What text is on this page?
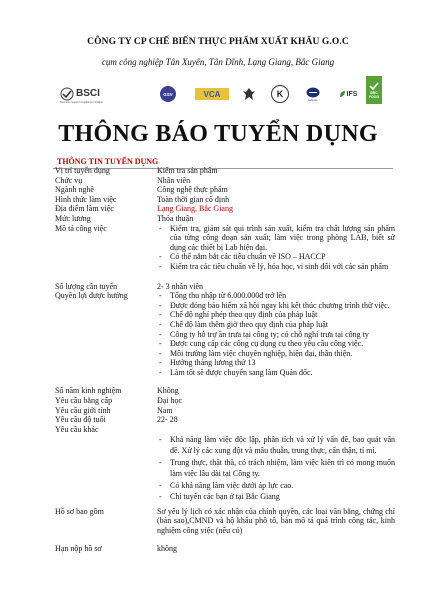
CÔNG TY CP CHẾ BIẾN THỰC PHẨM XUẤT KHẨU G.O.C
cụm công nghiệp Tân Xuyên, Tân Dĩnh, Lạng Giang, Bắc Giang
BSCI
Business Social Compliance Initiative
GSV	VCA	K
HALAL
IFS	BRC FOOD
THÔNG BÁO TUYỂN DỤNG
THÔNG TIN TUYỂN DỤNG
Vị trí tuyển dụng	Kiểm tra sản phẩm
Chức vụ	Nhân viên
Ngành nghề	Công nghệ thực phẩm
Hình thức làm việc	Toàn thời gian cố định
Địa điểm làm việc	Lạng Giang, Bắc Giang
Mức lương	Thỏa thuận
Mô tả công việc	- Kiểm tra, giám sát qui trình sản xuất, kiểm tra chất lượng sản phẩm của từng công đoạn sản xuất; làm việc trong phòng LAB, biết sử dụng các thiết bị Lab hiện đại.
- Có thể nắm bắt các tiêu chuẩn về ISO – HACCP
- Kiểm tra các tiêu chuẩn về lý, hóa học, vi sinh đối với các sản phẩm
Số lượng cần tuyển	2- 3 nhân viên
Quyền lợi được hưởng	- Tổng thu nhập từ 6.000.000đ trở lên
- Được đóng bảo hiểm xã hội ngay khi kết thúc chương trình thử việc.
- Chế độ nghỉ phép theo quy định của pháp luật
- Chế độ làm thêm giờ theo quy định của pháp luật
- Công ty hỗ trợ ăn trưa tại công ty; có chỗ nghỉ trưa tại công ty
- Được cung cấp các công cụ dụng cụ theo yêu cầu công việc.
- Môi trường làm việc chuyên nghiệp, hiện đại, thân thiện.
- Hưởng tháng lương thứ 13
- Làm tốt sẽ được chuyển sang làm Quản đốc.
Số năm kinh nghiệm	Không
Yêu cầu bằng cấp	Đại học
Yêu cầu giới tính	Nam
Yêu cầu độ tuổi	22- 28
Yêu cầu khác
- Khả năng làm việc độc lập, phân tích và xử lý vấn đề, bao quát vấn đề. Xử lý các xung đột và mâu thuẫn, trung thực, cẩn thận, tỉ mỉ.
- Trung thực, thật thà, có trách nhiệm, làm việc kiên trì có mong muốn làm việc lâu dài tại Công ty.
- Có khả năng làm việc dưới áp lực cao.
- Chỉ tuyển các bạn ở tại Bắc Giang
Hồ sơ bao gồm	Sơ yếu lý lịch có xác nhận của chính quyền, các loại văn bằng, chứng chỉ (bản sao),CMND và hộ khẩu phô tô, bản mô tả quá trình công tác, kinh nghiệm công việc (nếu có)
Hạn nộp hồ sơ	không
